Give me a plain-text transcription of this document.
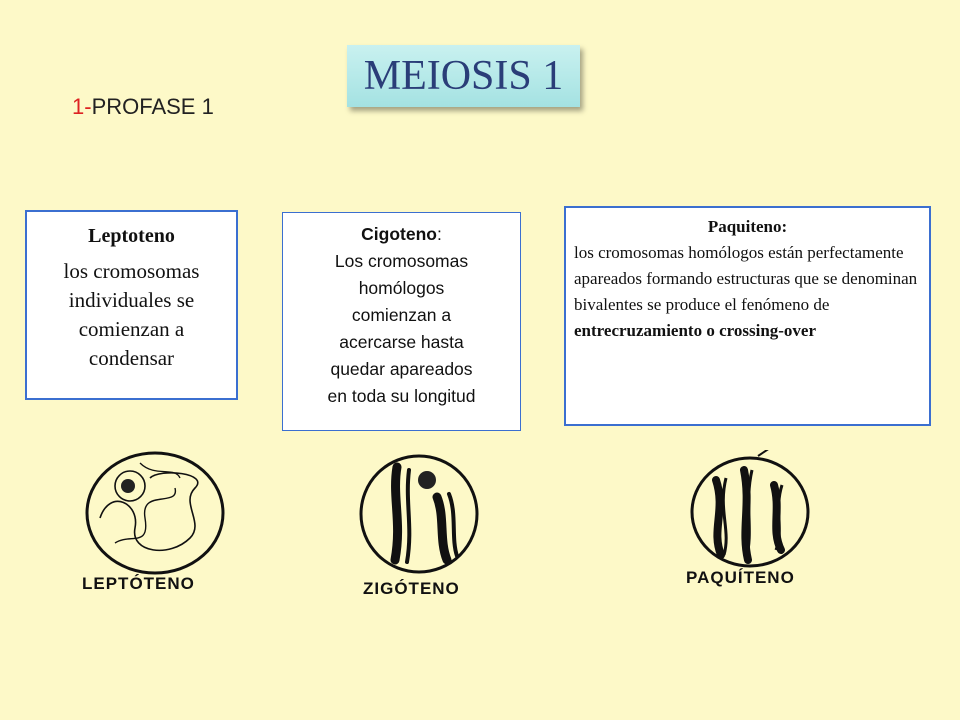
MEIOSIS 1
1-PROFASE 1
Leptoteno
los cromosomas
individuales se
comienzan a
condensar
Cigoteno:
Los cromosomas
homólogos
comienzan a
acercarse hasta
quedar apareados
en toda su longitud
Paquiteno:
los cromosomas homólogos están perfectamente apareados formando estructuras que se denominan bivalentes se produce el fenómeno de entrecruzamiento o crossing-over
LEPTÓTENO	ZIGÓTENO
PAQUÍTENO
